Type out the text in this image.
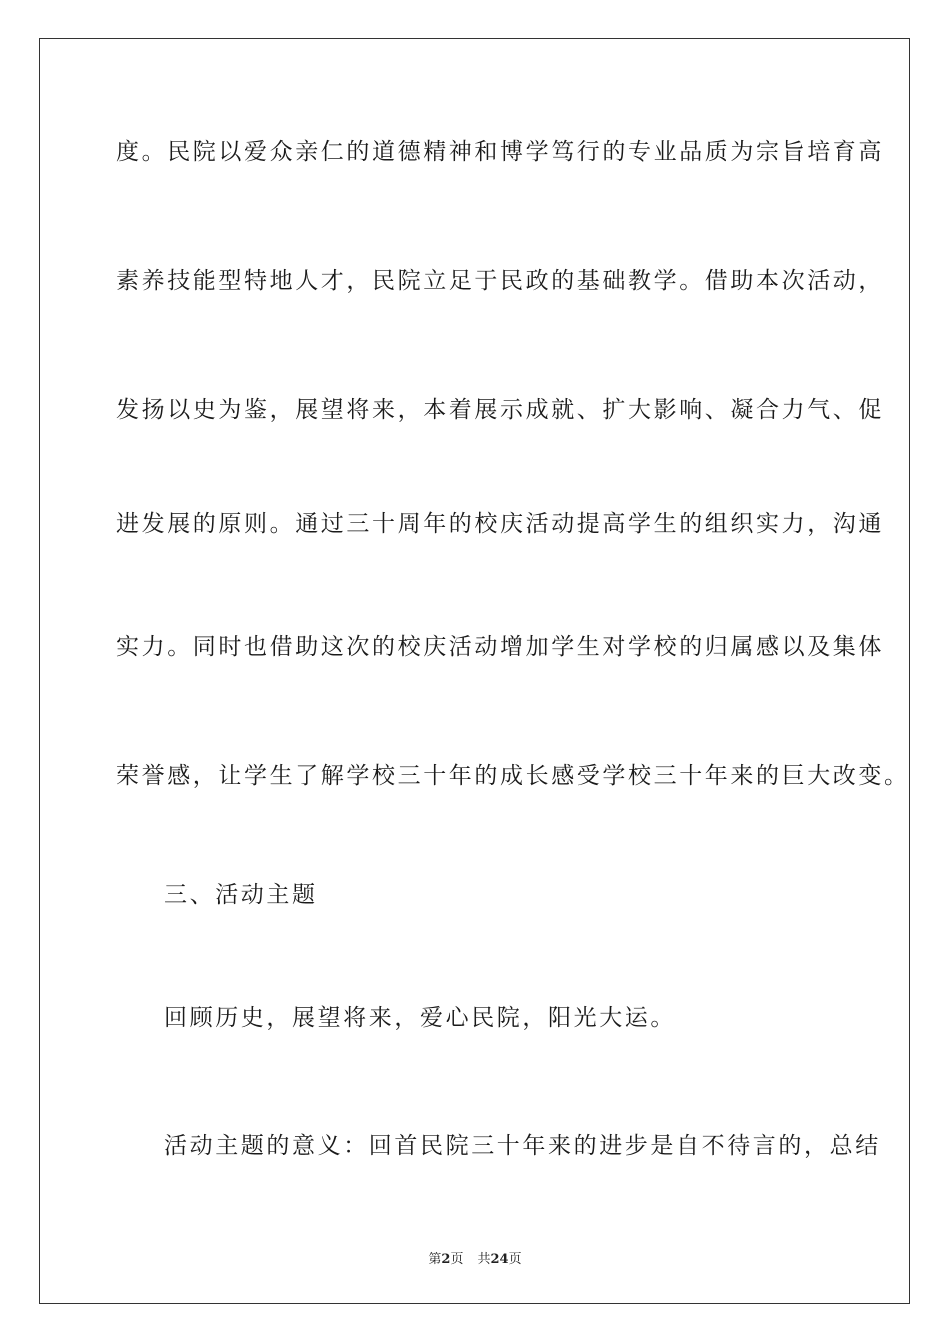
度。民院以爱众亲仁的道德精神和博学笃行的专业品质为宗旨培育高
素养技能型特地人才，民院立足于民政的基础教学。借助本次活动，
发扬以史为鉴，展望将来，本着展示成就、扩大影响、凝合力气、促
进发展的原则。通过三十周年的校庆活动提高学生的组织实力，沟通
实力。同时也借助这次的校庆活动增加学生对学校的归属感以及集体
荣誉感，让学生了解学校三十年的成长感受学校三十年来的巨大改变。
三、活动主题
回顾历史，展望将来，爱心民院，阳光大运。
活动主题的意义：回首民院三十年来的进步是自不待言的，总结
第2页 共24页
